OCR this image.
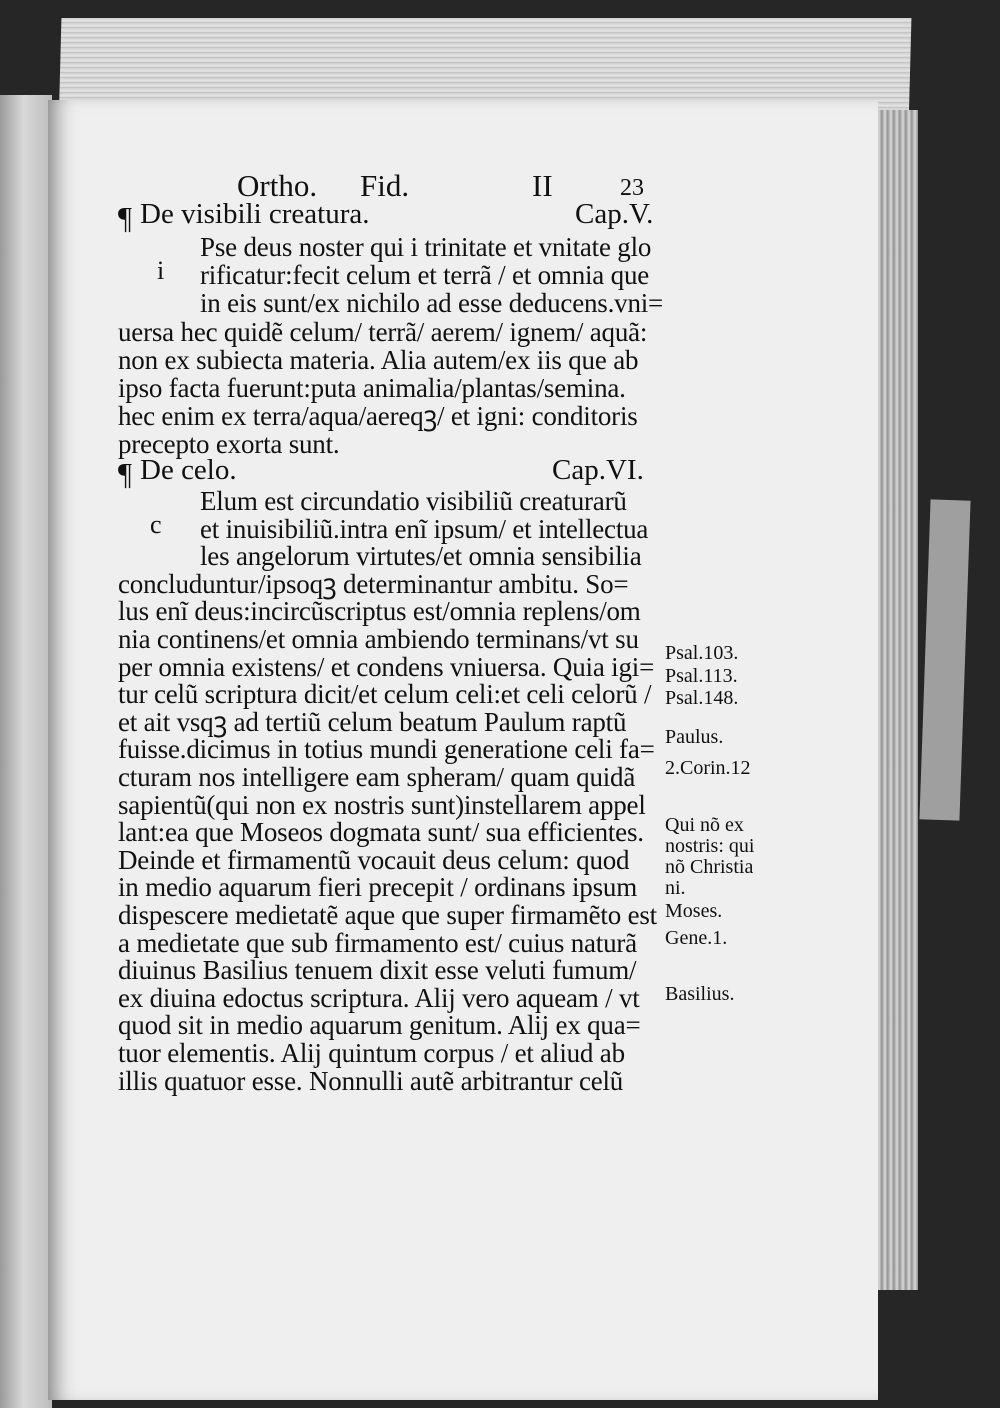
Ortho. Fid.	II	23
¶ De visibili creatura.	Cap.V.
i
Pse deus noster qui i trinitate et vnitate glo
rificatur:fecit celum et terrã / et omnia que
in eis sunt/ex nichilo ad esse deducens.vni=
uersa hec quidẽ celum/ terrã/ aerem/ ignem/ aquã:
non ex subiecta materia. Alia autem/ex iis que ab
ipso facta fuerunt:puta animalia/plantas/semina.
hec enim ex terra/aqua/aereqꝫ/ et igni: conditoris
precepto exorta sunt.
¶ De celo.	Cap.VI.
c
Elum est circundatio visibiliũ creaturarũ
et inuisibiliũ.intra enĩ ipsum/ et intellectua
les angelorum virtutes/et omnia sensibilia
concluduntur/ipsoqꝫ determinantur ambitu. So=
lus enĩ deus:incircũscriptus est/omnia replens/om
nia continens/et omnia ambiendo terminans/vt su
per omnia existens/ et condens vniuersa. Quia igi=
tur celũ scriptura dicit/et celum celi:et celi celorũ /
et ait vsqꝫ ad tertiũ celum beatum Paulum raptũ
fuisse.dicimus in totius mundi generatione celi fa=
cturam nos intelligere eam spheram/ quam quidã
sapientũ(qui non ex nostris sunt)instellarem appel
lant:ea que Moseos dogmata sunt/ sua efficientes.
Deinde et firmamentũ vocauit deus celum: quod
in medio aquarum fieri precepit / ordinans ipsum
dispescere medietatẽ aque que super firmamẽto est
a medietate que sub firmamento est/ cuius naturã
diuinus Basilius tenuem dixit esse veluti fumum/
ex diuina edoctus scriptura. Alij vero aqueam / vt
quod sit in medio aquarum genitum. Alij ex qua=
tuor elementis. Alij quintum corpus / et aliud ab
illis quatuor esse. Nonnulli autẽ arbitrantur celũ
Psal.103.
Psal.113.
Psal.148.
Paulus.
2.Corin.12
Qui nõ ex
nostris: qui
nõ Christia
ni.
Moses.
Gene.1.
Basilius.
